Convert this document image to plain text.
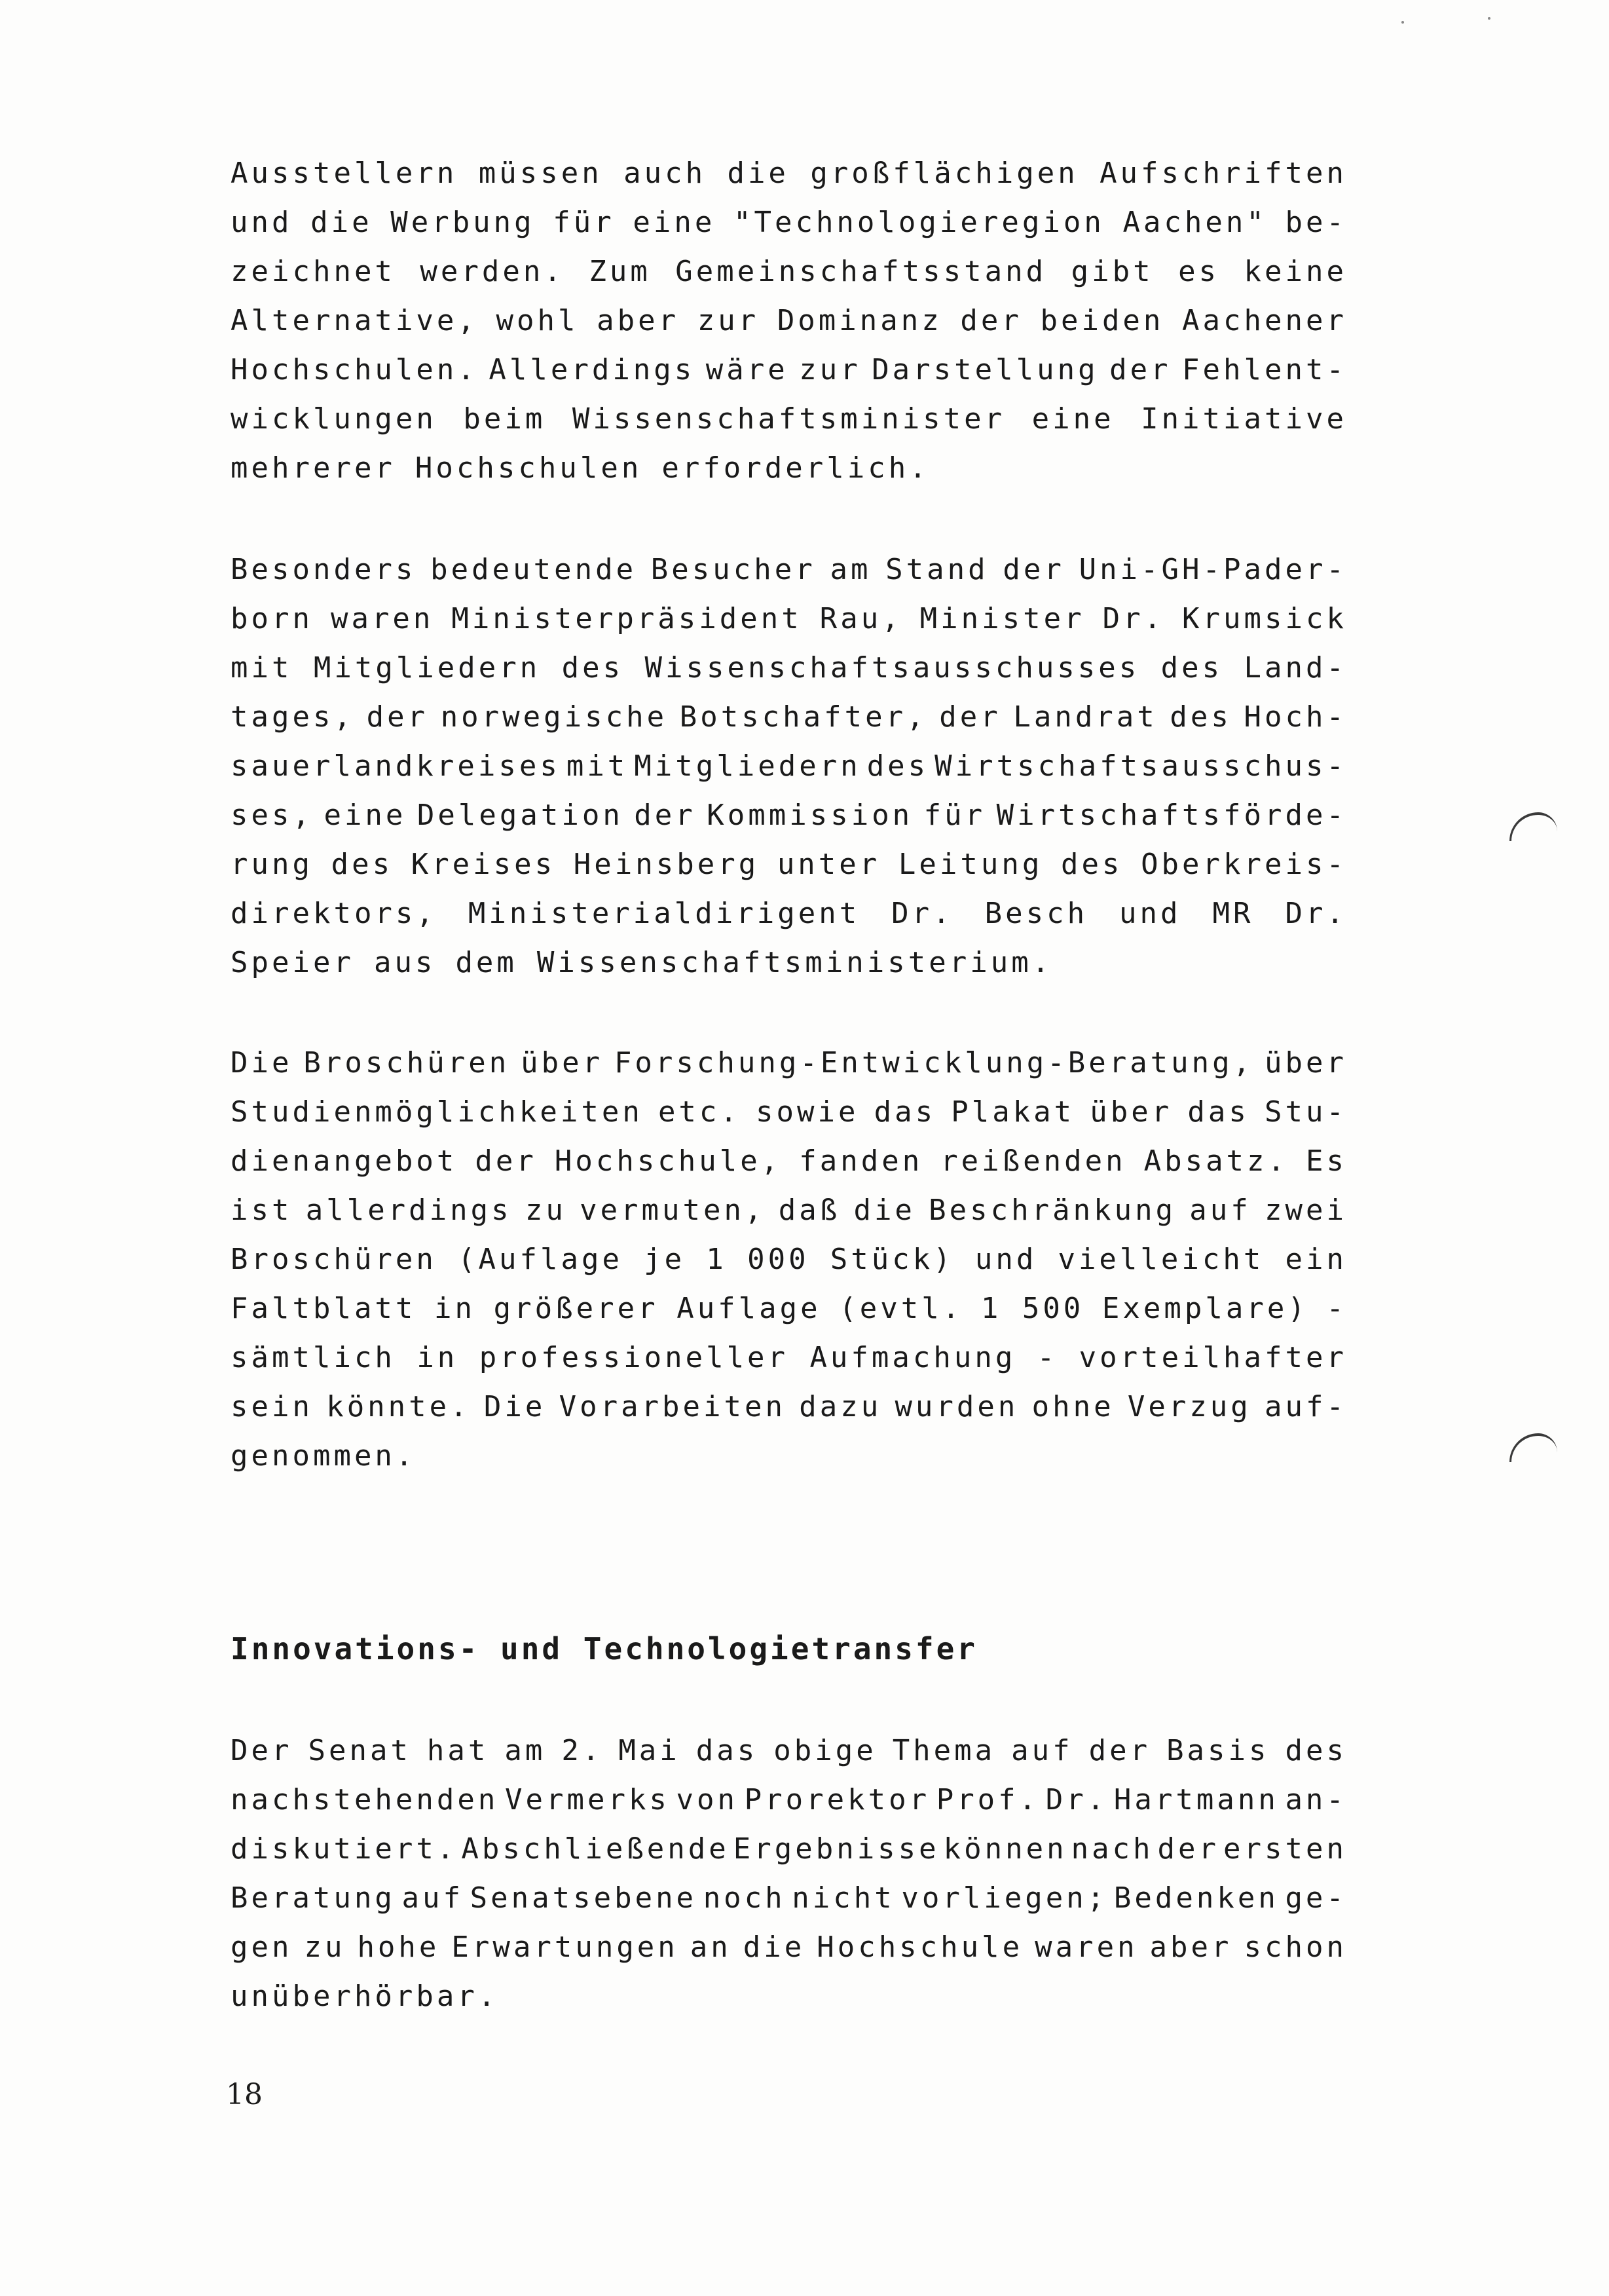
Ausstellern müssen auch die großflächigen Aufschriften
und die Werbung für eine "Technologieregion Aachen" be-
zeichnet werden. Zum Gemeinschaftsstand gibt es keine
Alternative, wohl aber zur Dominanz der beiden Aachener
Hochschulen. Allerdings wäre zur Darstellung der Fehlent-
wicklungen beim Wissenschaftsminister eine Initiative
mehrerer Hochschulen erforderlich.
Besonders bedeutende Besucher am Stand der Uni-GH-Pader-
born waren Ministerpräsident Rau, Minister Dr. Krumsick
mit Mitgliedern des Wissenschaftsausschusses des Land-
tages, der norwegische Botschafter, der Landrat des Hoch-
sauerlandkreises mit Mitgliedern des Wirtschaftsausschus-
ses, eine Delegation der Kommission für Wirtschaftsförde-
rung des Kreises Heinsberg unter Leitung des Oberkreis-
direktors, Ministerialdirigent Dr. Besch und MR Dr.
Speier aus dem Wissenschaftsministerium.
Die Broschüren über Forschung-Entwicklung-Beratung, über
Studienmöglichkeiten etc. sowie das Plakat über das Stu-
dienangebot der Hochschule, fanden reißenden Absatz. Es
ist allerdings zu vermuten, daß die Beschränkung auf zwei
Broschüren (Auflage je 1 000 Stück) und vielleicht ein
Faltblatt in größerer Auflage (evtl. 1 500 Exemplare) -
sämtlich in professioneller Aufmachung - vorteilhafter
sein könnte. Die Vorarbeiten dazu wurden ohne Verzug auf-
genommen.
Innovations- und Technologietransfer
Der Senat hat am 2. Mai das obige Thema auf der Basis des
nachstehenden Vermerks von Prorektor Prof. Dr. Hartmann an-
diskutiert. Abschließende Ergebnisse können nach der ersten
Beratung auf Senatsebene noch nicht vorliegen; Bedenken ge-
gen zu hohe Erwartungen an die Hochschule waren aber schon
unüberhörbar.
18
